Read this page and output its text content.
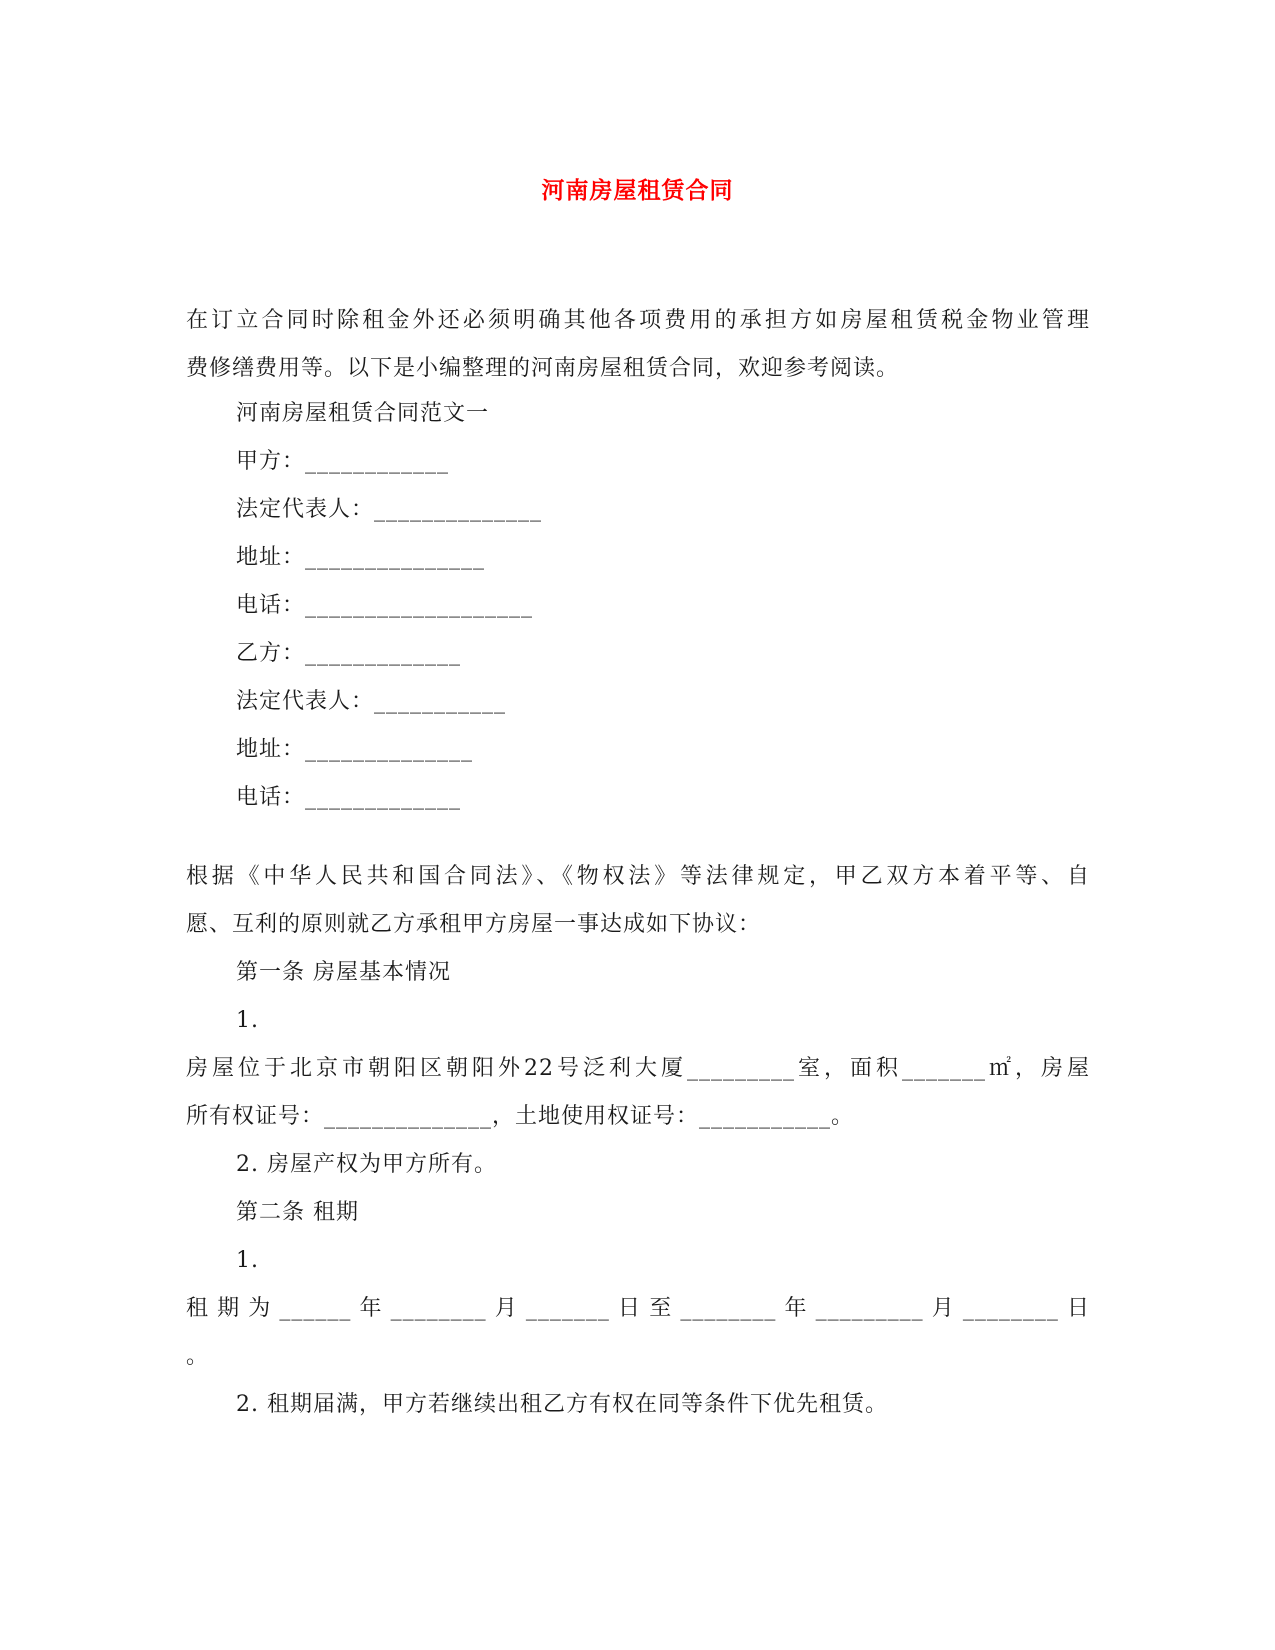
河南房屋租赁合同
在订立合同时除租金外还必须明确其他各项费用的承担方如房屋租赁税金物业管理
费修缮费用等。以下是小编整理的河南房屋租赁合同，欢迎参考阅读。
河南房屋租赁合同范文一
甲方：____________
法定代表人：______________
地址：_______________
电话：___________________
乙方：_____________
法定代表人：___________
地址：______________
电话：_____________
根据《中华人民共和国合同法》、《物权法》等法律规定，甲乙双方本着平等、自
愿、互利的原则就乙方承租甲方房屋一事达成如下协议：
第一条 房屋基本情况
1.
房屋位于北京市朝阳区朝阳外22号泛利大厦_________室，面积_______㎡，房屋
所有权证号：______________，土地使用权证号：___________。
2. 房屋产权为甲方所有。
第二条 租期
1.
租期为______年________月_______日至________年_________月________日
。
2. 租期届满，甲方若继续出租乙方有权在同等条件下优先租赁。
